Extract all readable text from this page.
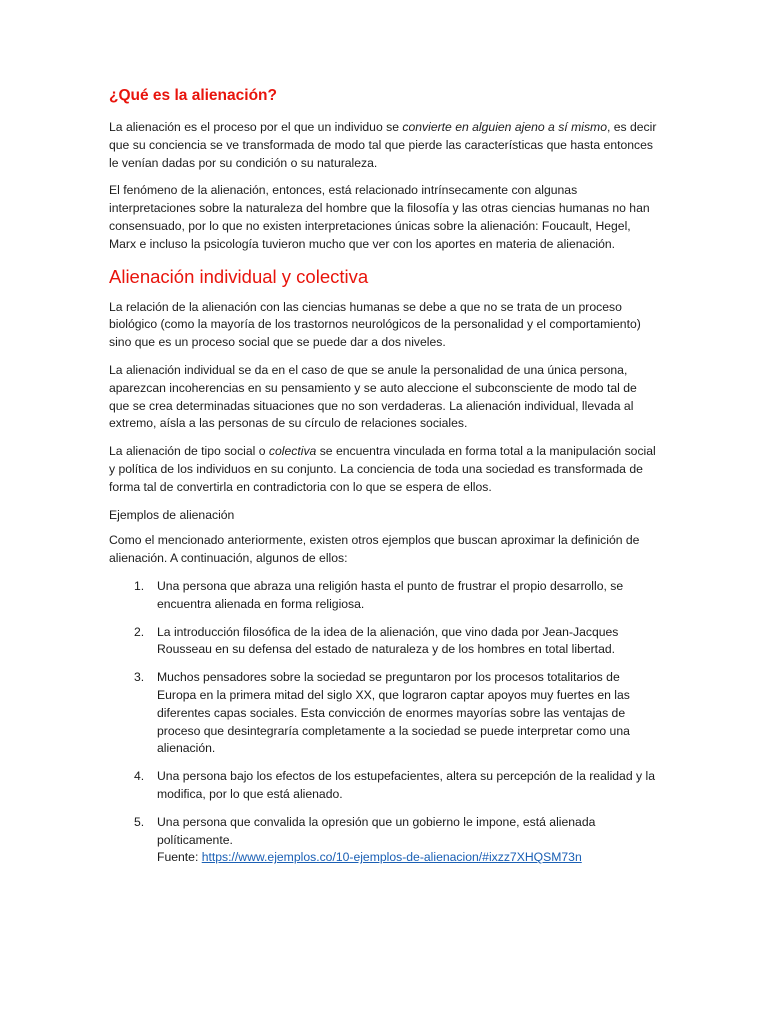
¿Qué es la alienación?

La alienación es el proceso por el que un individuo se convierte en alguien ajeno a sí mismo, es decir que su conciencia se ve transformada de modo tal que pierde las características que hasta entonces le venían dadas por su condición o su naturaleza.

El fenómeno de la alienación, entonces, está relacionado intrínsecamente con algunas interpretaciones sobre la naturaleza del hombre que la filosofía y las otras ciencias humanas no han consensuado, por lo que no existen interpretaciones únicas sobre la alienación: Foucault, Hegel, Marx e incluso la psicología tuvieron mucho que ver con los aportes en materia de alienación.

Alienación individual y colectiva

La relación de la alienación con las ciencias humanas se debe a que no se trata de un proceso biológico (como la mayoría de los trastornos neurológicos de la personalidad y el comportamiento) sino que es un proceso social que se puede dar a dos niveles.

La alienación individual se da en el caso de que se anule la personalidad de una única persona, aparezcan incoherencias en su pensamiento y se auto aleccione el subconsciente de modo tal de que se crea determinadas situaciones que no son verdaderas. La alienación individual, llevada al extremo, aísla a las personas de su círculo de relaciones sociales.

La alienación de tipo social o colectiva se encuentra vinculada en forma total a la manipulación social y política de los individuos en su conjunto. La conciencia de toda una sociedad es transformada de forma tal de convertirla en contradictoria con lo que se espera de ellos.

Ejemplos de alienación

Como el mencionado anteriormente, existen otros ejemplos que buscan aproximar la definición de alienación. A continuación, algunos de ellos:

1. Una persona que abraza una religión hasta el punto de frustrar el propio desarrollo, se encuentra alienada en forma religiosa.
2. La introducción filosófica de la idea de la alienación, que vino dada por Jean-Jacques Rousseau en su defensa del estado de naturaleza y de los hombres en total libertad.
3. Muchos pensadores sobre la sociedad se preguntaron por los procesos totalitarios de Europa en la primera mitad del siglo XX, que lograron captar apoyos muy fuertes en las diferentes capas sociales. Esta convicción de enormes mayorías sobre las ventajas de proceso que desintegraría completamente a la sociedad se puede interpretar como una alienación.
4. Una persona bajo los efectos de los estupefacientes, altera su percepción de la realidad y la modifica, por lo que está alienado.
5. Una persona que convalida la opresión que un gobierno le impone, está alienada políticamente.
Fuente: https://www.ejemplos.co/10-ejemplos-de-alienacion/#ixzz7XHQSM73n
